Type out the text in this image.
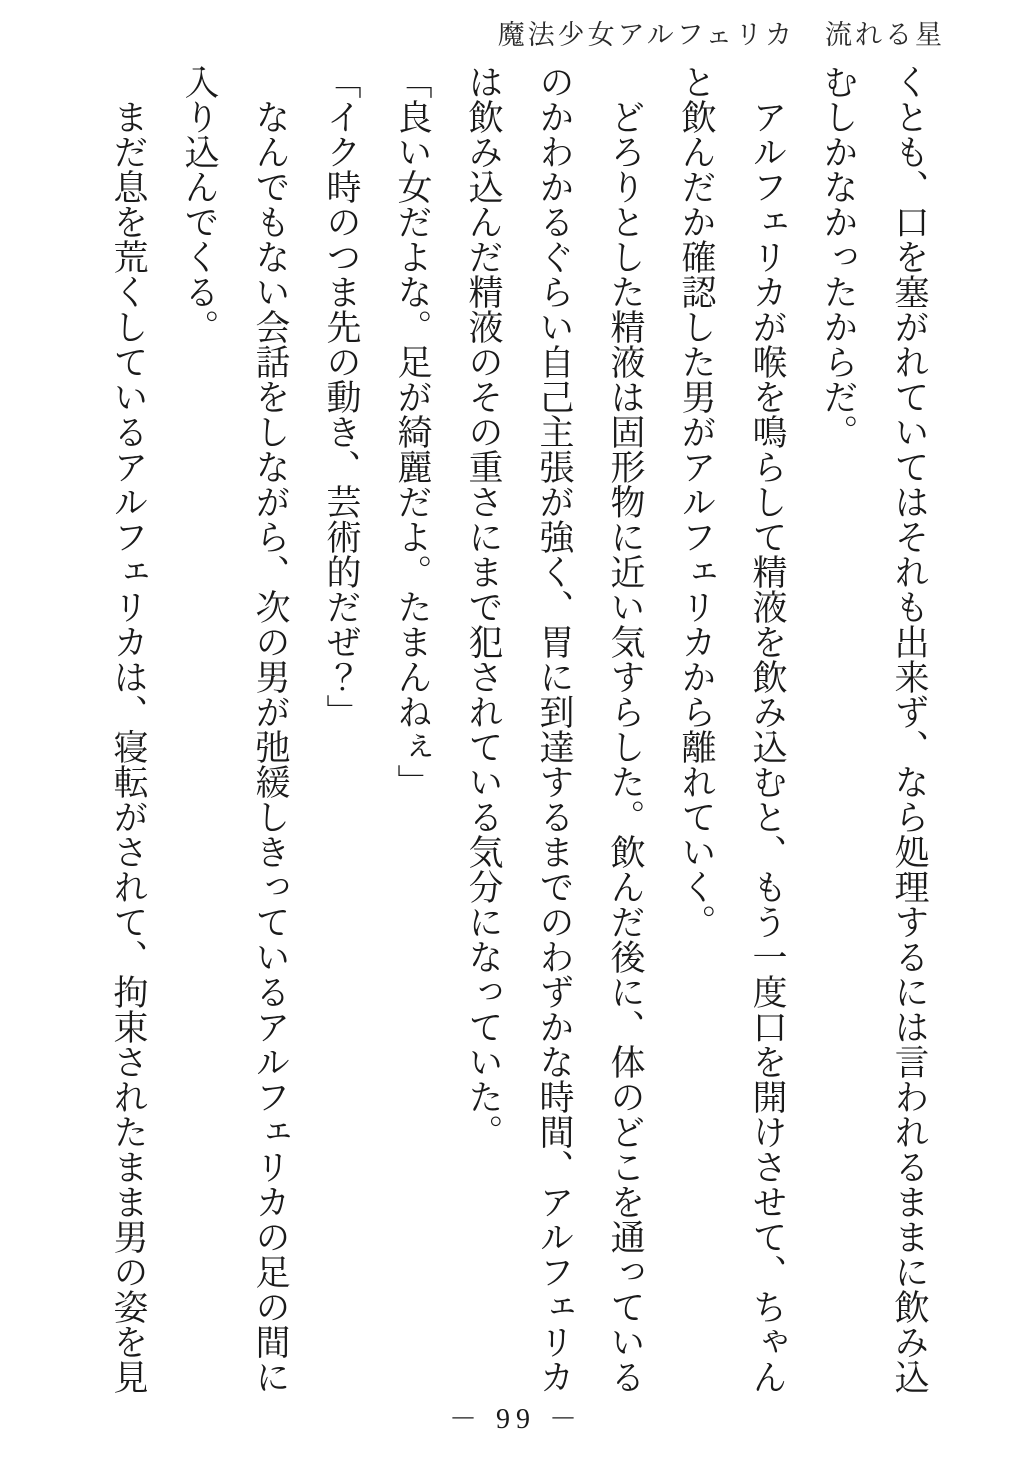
魔法少女アルフェリカ　流れる星

くとも、口を塞がれていてはそれも出来ず、なら処理するには言われるままに飲み込むしかなかったからだ。

　アルフェリカが喉を鳴らして精液を飲み込むと、もう一度口を開けさせて、ちゃんと飲んだか確認した男がアルフェリカから離れていく。

　どろりとした精液は固形物に近い気すらした。飲んだ後に、体のどこを通っているのかわかるぐらい自己主張が強く、胃に到達するまでのわずかな時間、アルフェリカは飲み込んだ精液のその重さにまで犯されている気分になっていた。

「良い女だよな。足が綺麗だよ。たまんねぇ」

「イク時のつま先の動き、芸術的だぜ？」

　なんでもない会話をしながら、次の男が弛緩しきっているアルフェリカの足の間に入り込んでくる。

　まだ息を荒くしているアルフェリカは、寝転がされて、拘束されたまま男の姿を見

－ 99 －
